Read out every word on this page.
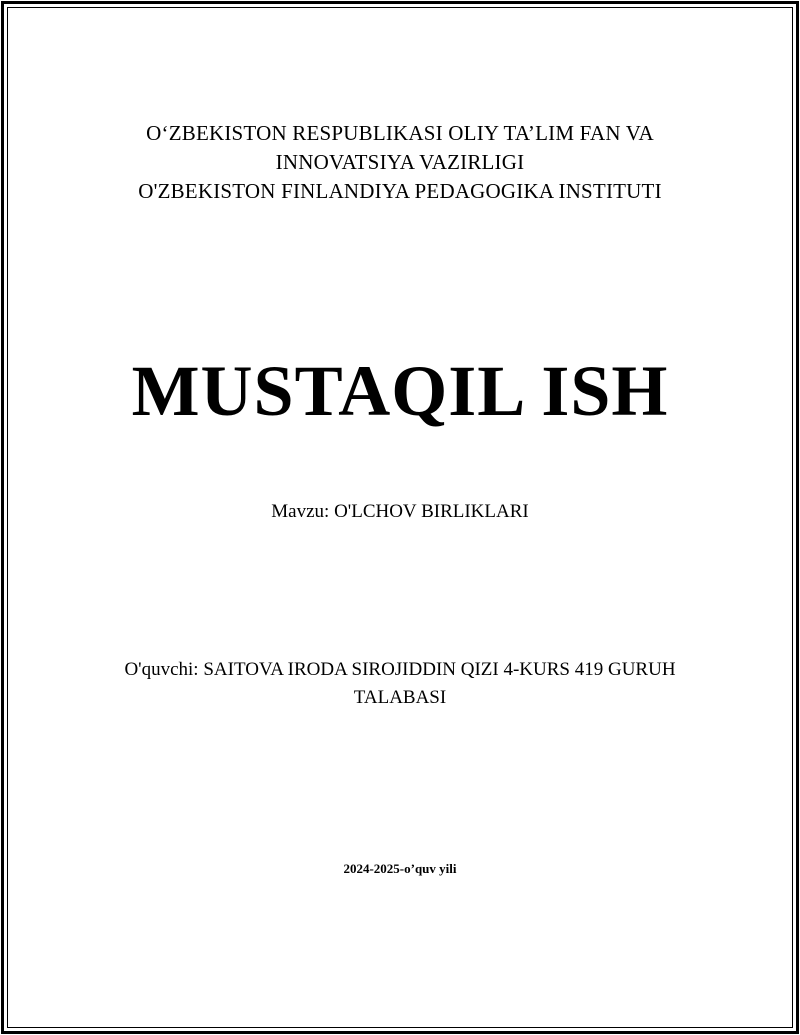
O‘ZBEKISTON RESPUBLIKASI OLIY TA’LIM FAN VA
INNOVATSIYA VAZIRLIGI
O'ZBEKISTON FINLANDIYA PEDAGOGIKA INSTITUTI
MUSTAQIL ISH
Mavzu: O'LCHOV BIRLIKLARI
O'quvchi: SAITOVA IRODA SIROJIDDIN QIZI 4-KURS 419 GURUH TALABASI
2024-2025-o’quv yili
